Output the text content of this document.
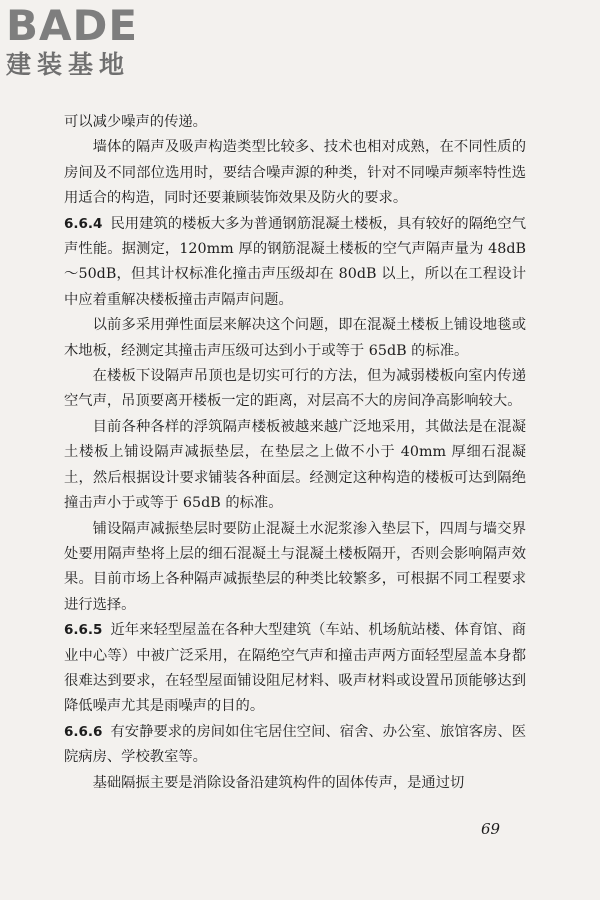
BADE
建装基地

可以减少噪声的传递。

墙体的隔声及吸声构造类型比较多、技术也相对成熟，在不同性质的房间及不同部位选用时，要结合噪声源的种类，针对不同噪声频率特性选用适合的构造，同时还要兼顾装饰效果及防火的要求。

6.6.4 民用建筑的楼板大多为普通钢筋混凝土楼板，具有较好的隔绝空气声性能。据测定，120mm 厚的钢筋混凝土楼板的空气声隔声量为 48dB～50dB，但其计权标准化撞击声压级却在 80dB 以上，所以在工程设计中应着重解决楼板撞击声隔声问题。

以前多采用弹性面层来解决这个问题，即在混凝土楼板上铺设地毯或木地板，经测定其撞击声压级可达到小于或等于 65dB 的标准。

在楼板下设隔声吊顶也是切实可行的方法，但为减弱楼板向室内传递空气声，吊顶要离开楼板一定的距离，对层高不大的房间净高影响较大。

目前各种各样的浮筑隔声楼板被越来越广泛地采用，其做法是在混凝土楼板上铺设隔声减振垫层，在垫层之上做不小于 40mm 厚细石混凝土，然后根据设计要求铺装各种面层。经测定这种构造的楼板可达到隔绝撞击声小于或等于 65dB 的标准。

铺设隔声减振垫层时要防止混凝土水泥浆渗入垫层下，四周与墙交界处要用隔声垫将上层的细石混凝土与混凝土楼板隔开，否则会影响隔声效果。目前市场上各种隔声减振垫层的种类比较繁多，可根据不同工程要求进行选择。

6.6.5 近年来轻型屋盖在各种大型建筑（车站、机场航站楼、体育馆、商业中心等）中被广泛采用，在隔绝空气声和撞击声两方面轻型屋盖本身都很难达到要求，在轻型屋面铺设阻尼材料、吸声材料或设置吊顶能够达到降低噪声尤其是雨噪声的目的。

6.6.6 有安静要求的房间如住宅居住空间、宿舍、办公室、旅馆客房、医院病房、学校教室等。

基础隔振主要是消除设备沿建筑构件的固体传声，是通过切

69
